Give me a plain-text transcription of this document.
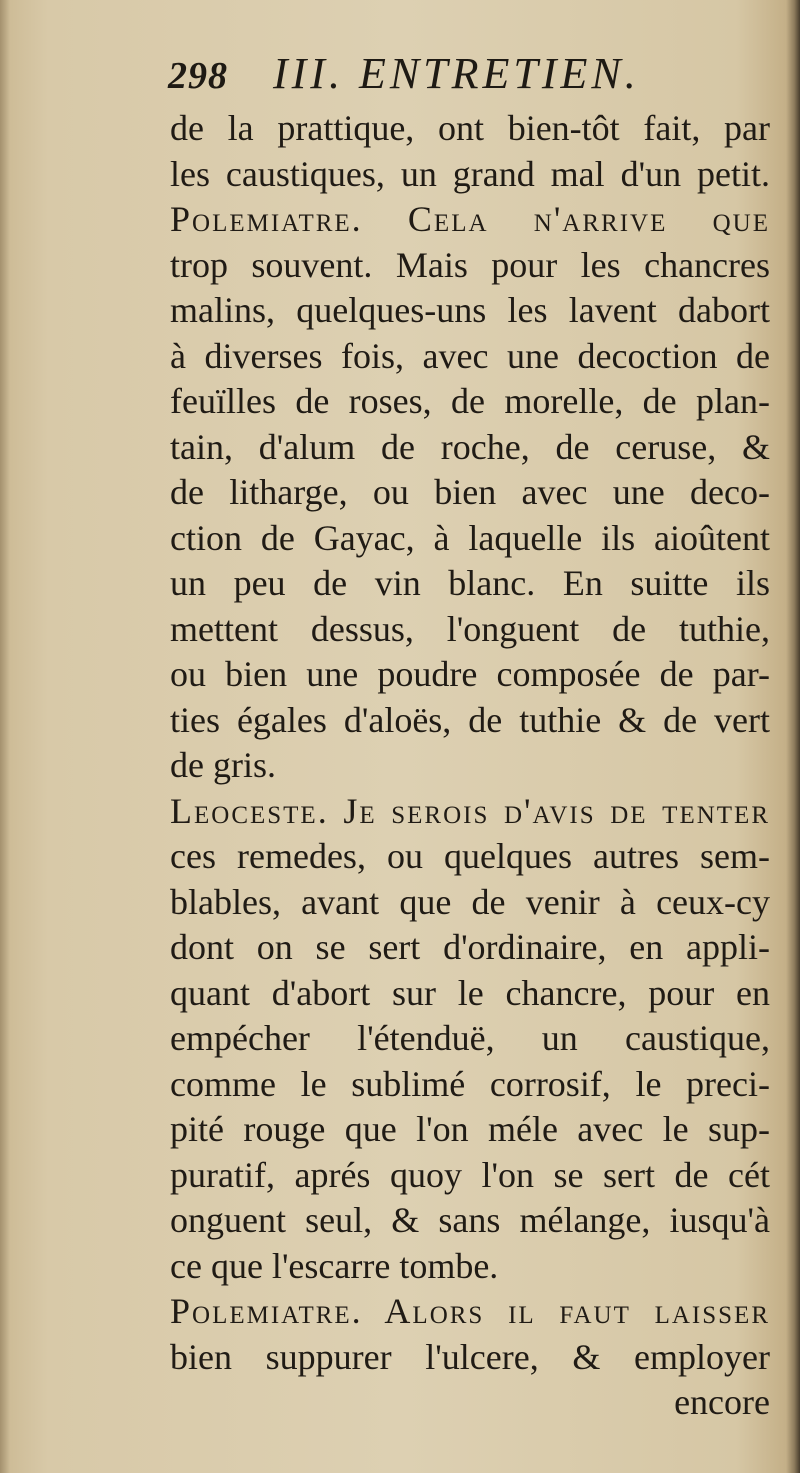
298	III. ENTRETIEN.
de la prattique, ont bien-tôt fait, par
les caustiques, un grand mal d'un petit.
Polemiatre. Cela n'arrive que
trop souvent. Mais pour les chancres
malins, quelques-uns les lavent dabort
à diverses fois, avec une decoction de
feuïlles de roses, de morelle, de plan-
tain, d'alum de roche, de ceruse, &
de litharge, ou bien avec une deco-
ction de Gayac, à laquelle ils aioûtent
un peu de vin blanc. En suitte ils
mettent dessus, l'onguent de tuthie,
ou bien une poudre composée de par-
ties égales d'aloës, de tuthie & de vert
de gris.
Leoceste. Je serois d'avis de tenter
ces remedes, ou quelques autres sem-
blables, avant que de venir à ceux-cy
dont on se sert d'ordinaire, en appli-
quant d'abort sur le chancre, pour en
empécher l'étenduë, un caustique,
comme le sublimé corrosif, le preci-
pité rouge que l'on méle avec le sup-
puratif, aprés quoy l'on se sert de cét
onguent seul, & sans mélange, iusqu'à
ce que l'escarre tombe.
Polemiatre. Alors il faut laisser
bien suppurer l'ulcere, & employer
encore
